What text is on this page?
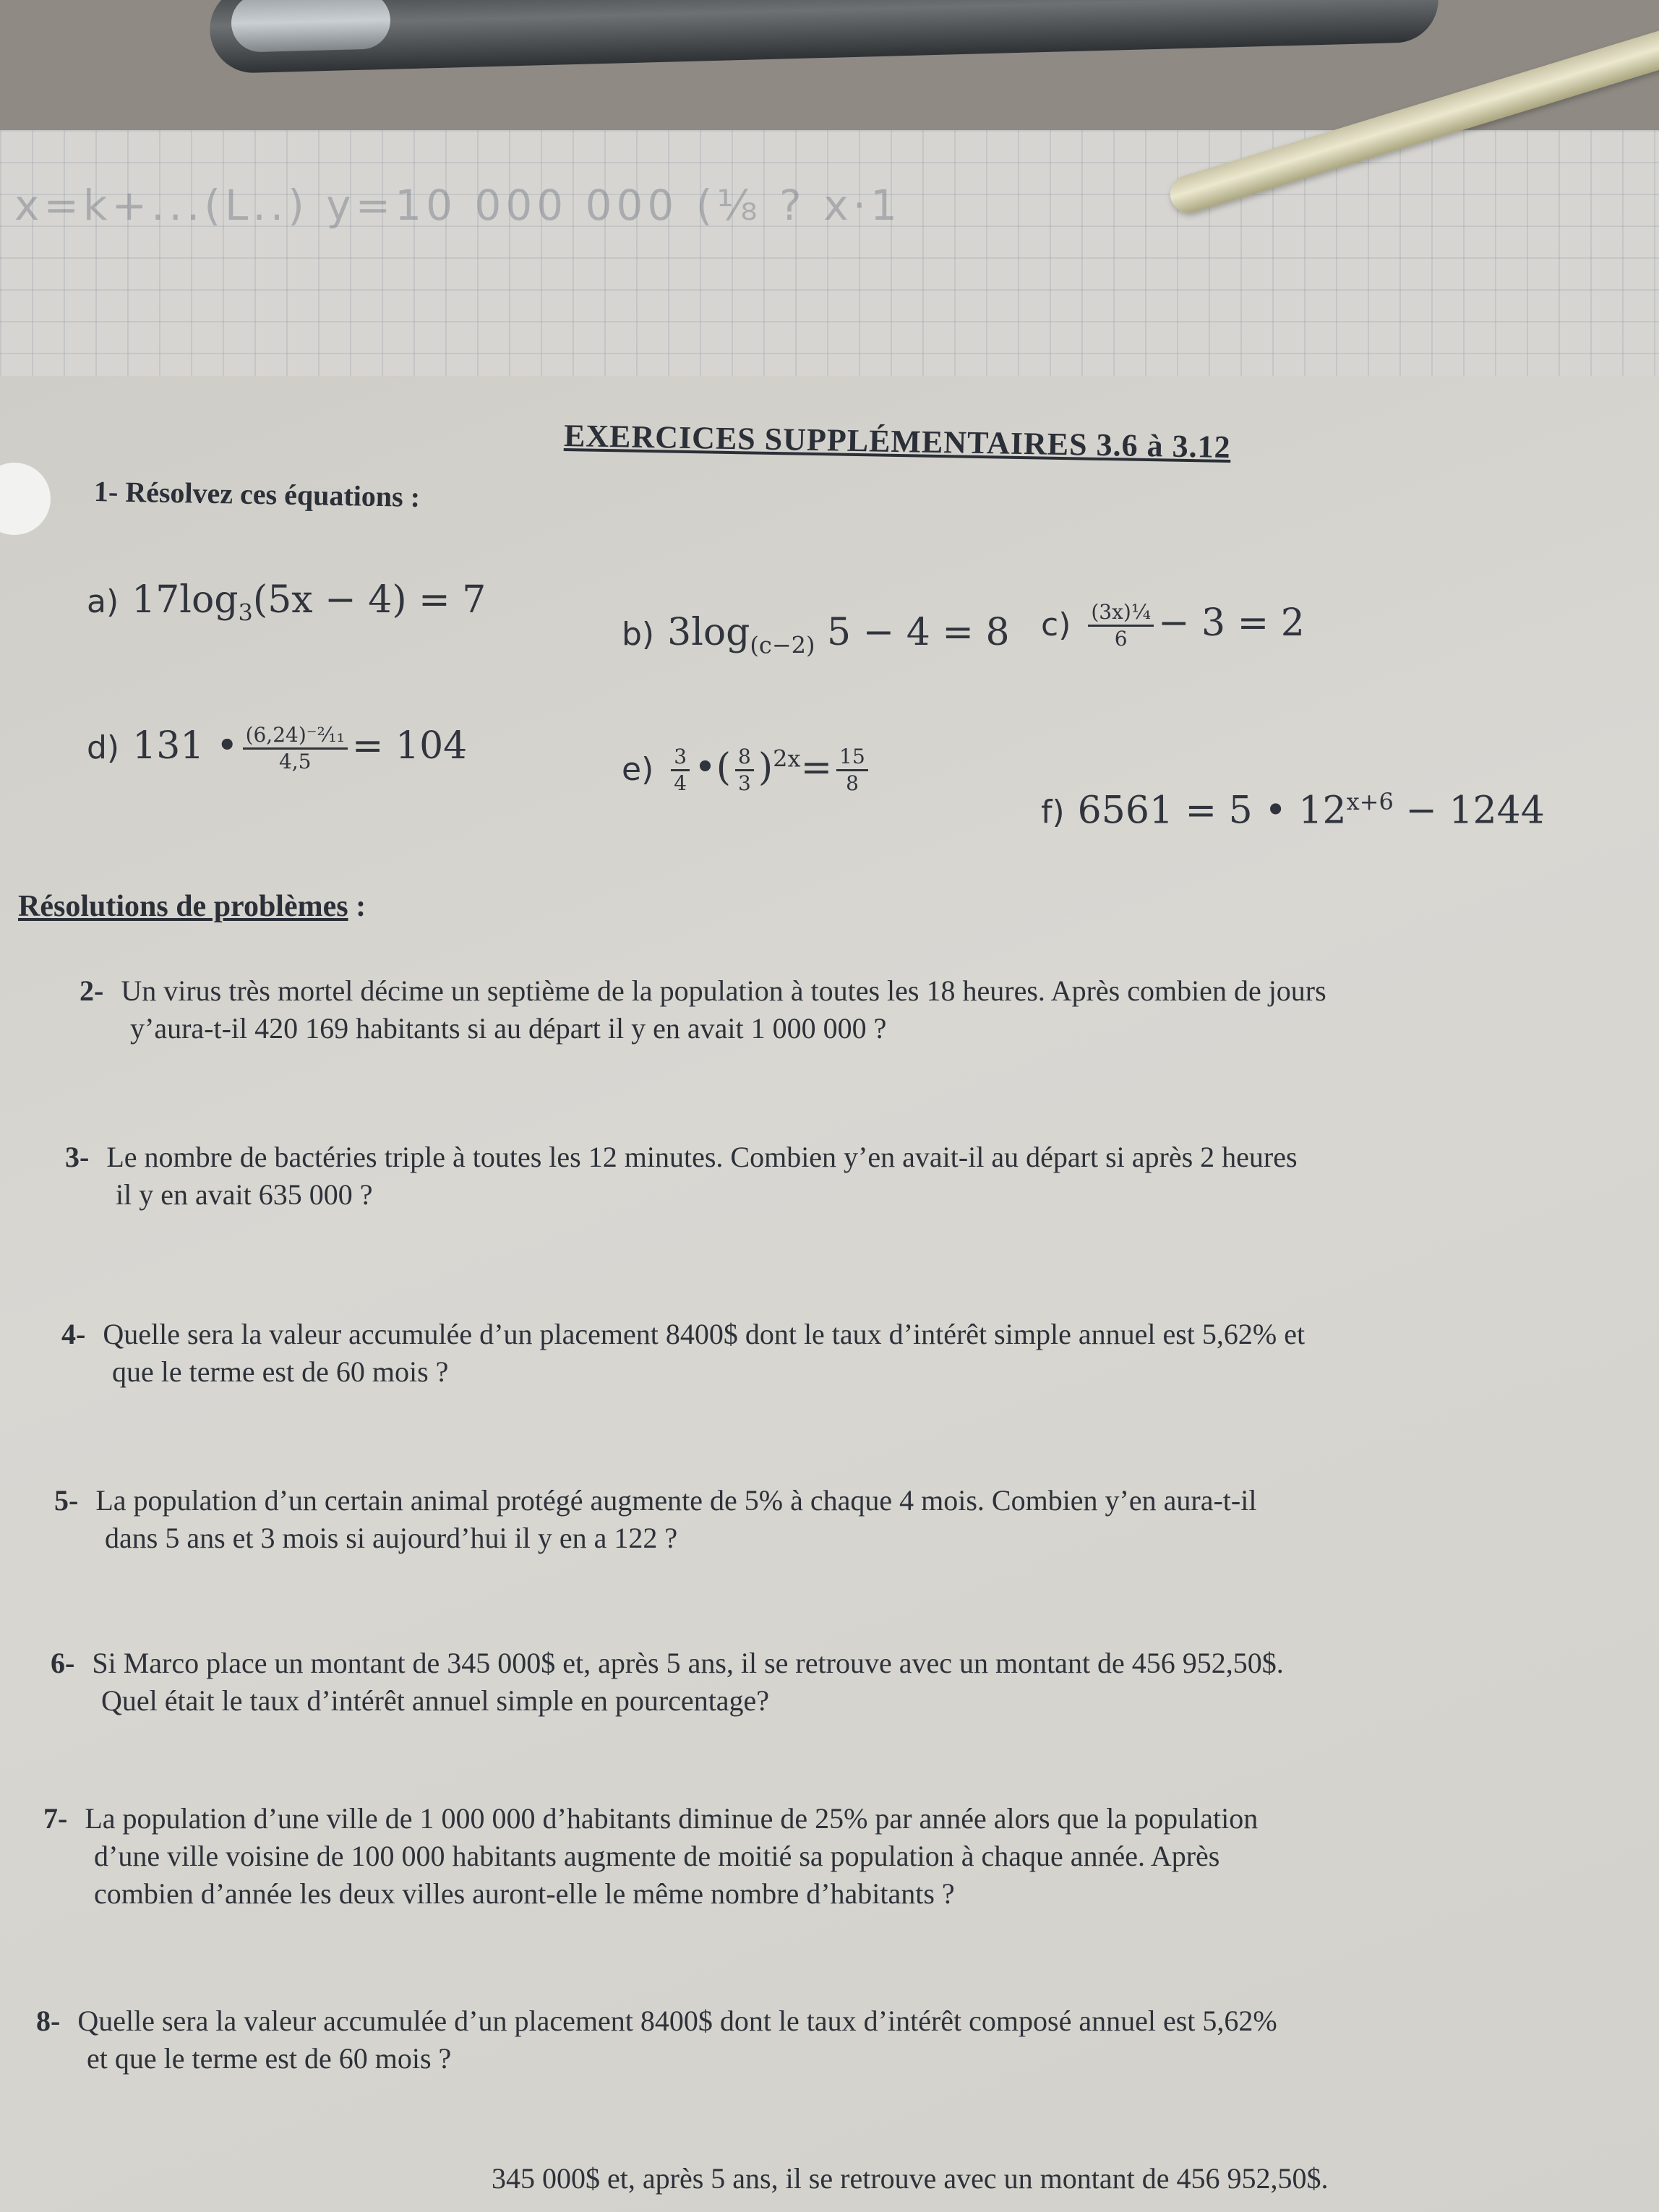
x=k+...(L..) y=10 000 000 (⅛ ? x·1
EXERCICES SUPPLÉMENTAIRES 3.6 à 3.12
1- Résolvez ces équations :
a) $17\log_3(5x - 4) = 7$
b) $3\log_{(c-2)}$ 5 − 4 = 8 $c) \frac{\text{(3x)¼}}{6} - 3 = 2$
d) 131 • $\frac{\text{(6,24)⁻²⁄₁₁}}{4,5} = 104$
$e) \frac{3}{4}$ •( $\frac{8}{3} )^{2x}= \frac{15}{8}$
f) 6561 = 5 • $12^{x+6} - 1244$
Résolutions de problèmes :
2- Un virus très mortel décime un septième de la population à toutes les 18 heures. Après combien de jours
y’aura-t-il 420 169 habitants si au départ il y en avait 1 000 000 ?
3- Le nombre de bactéries triple à toutes les 12 minutes. Combien y’en avait-il au départ si après 2 heures
il y en avait 635 000 ?
4- Quelle sera la valeur accumulée d’un placement 8400$ dont le taux d’intérêt simple annuel est 5,62% et
que le terme est de 60 mois ?
5- La population d’un certain animal protégé augmente de 5% à chaque 4 mois. Combien y’en aura-t-il
dans 5 ans et 3 mois si aujourd’hui il y en a 122 ?
6- Si Marco place un montant de 345 000$ et, après 5 ans, il se retrouve avec un montant de 456 952,50$.
Quel était le taux d’intérêt annuel simple en pourcentage?
7- La population d’une ville de 1 000 000 d’habitants diminue de 25% par année alors que la population
d’une ville voisine de 100 000 habitants augmente de moitié sa population à chaque année. Après
combien d’année les deux villes auront-elle le même nombre d’habitants ?
8- Quelle sera la valeur accumulée d’un placement 8400$ dont le taux d’intérêt composé annuel est 5,62%
et que le terme est de 60 mois ?
345 000$ et, après 5 ans, il se retrouve avec un montant de 456 952,50$.
